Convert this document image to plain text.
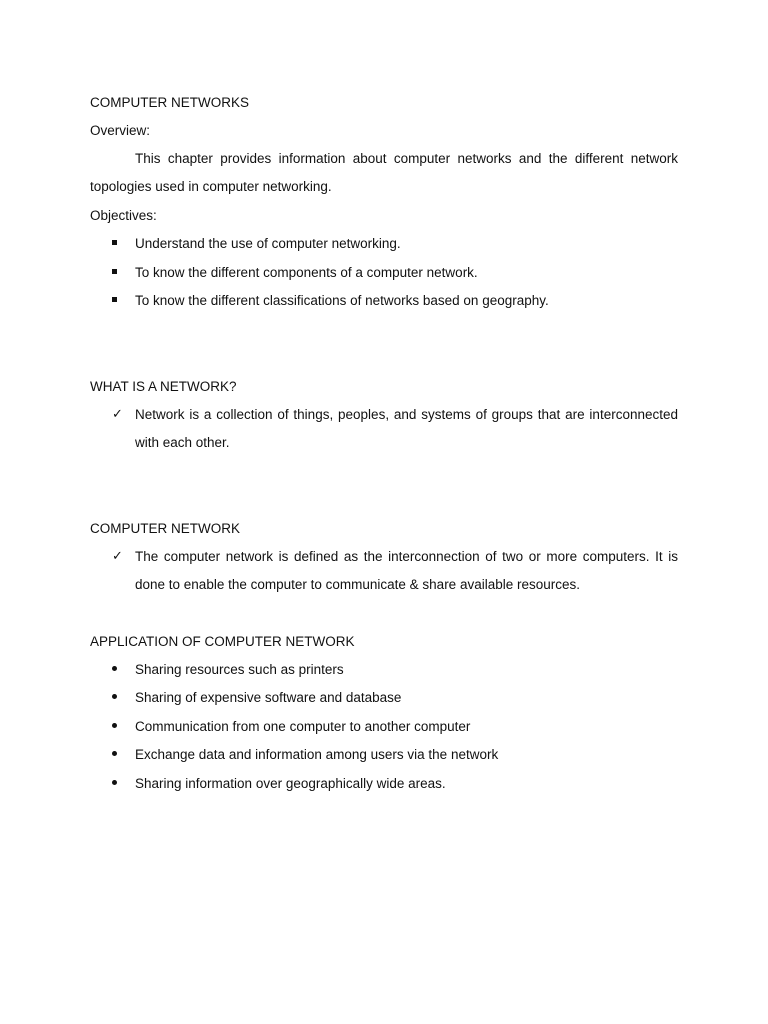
COMPUTER NETWORKS
Overview:
This chapter provides information about computer networks and the different network topologies used in computer networking.
Objectives:
Understand the use of computer networking.
To know the different components of a computer network.
To know the different classifications of networks based on geography.
WHAT IS A NETWORK?
✓ Network is a collection of things, peoples, and systems of groups that are interconnected with each other.
COMPUTER NETWORK
✓ The computer network is defined as the interconnection of two or more computers. It is done to enable the computer to communicate & share available resources.
APPLICATION OF COMPUTER NETWORK
Sharing resources such as printers
Sharing of expensive software and database
Communication from one computer to another computer
Exchange data and information among users via the network
Sharing information over geographically wide areas.
